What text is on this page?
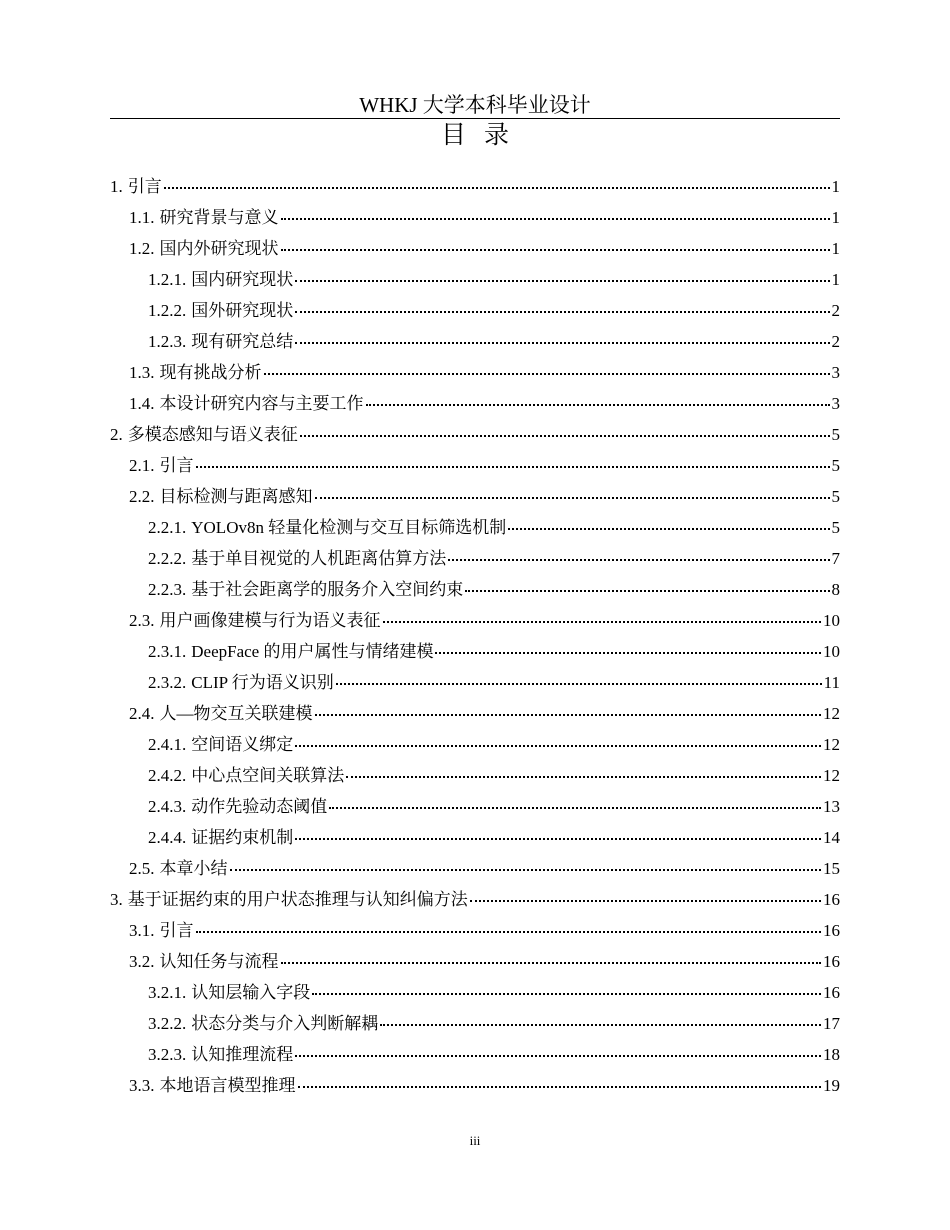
WHKJ 大学本科毕业设计
目录
1. 引言	1
1.1. 研究背景与意义	1
1.2. 国内外研究现状	1
1.2.1. 国内研究现状	1
1.2.2. 国外研究现状	2
1.2.3. 现有研究总结	2
1.3. 现有挑战分析	3
1.4. 本设计研究内容与主要工作	3
2. 多模态感知与语义表征	5
2.1. 引言	5
2.2. 目标检测与距离感知	5
2.2.1. YOLOv8n 轻量化检测与交互目标筛选机制	5
2.2.2. 基于单目视觉的人机距离估算方法	7
2.2.3. 基于社会距离学的服务介入空间约束	8
2.3. 用户画像建模与行为语义表征	10
2.3.1. DeepFace 的用户属性与情绪建模	10
2.3.2. CLIP 行为语义识别	11
2.4. 人—物交互关联建模	12
2.4.1. 空间语义绑定	12
2.4.2. 中心点空间关联算法	12
2.4.3. 动作先验动态阈值	13
2.4.4. 证据约束机制	14
2.5. 本章小结	15
3. 基于证据约束的用户状态推理与认知纠偏方法	16
3.1. 引言	16
3.2. 认知任务与流程	16
3.2.1. 认知层输入字段	16
3.2.2. 状态分类与介入判断解耦	17
3.2.3. 认知推理流程	18
3.3. 本地语言模型推理	19
iii
